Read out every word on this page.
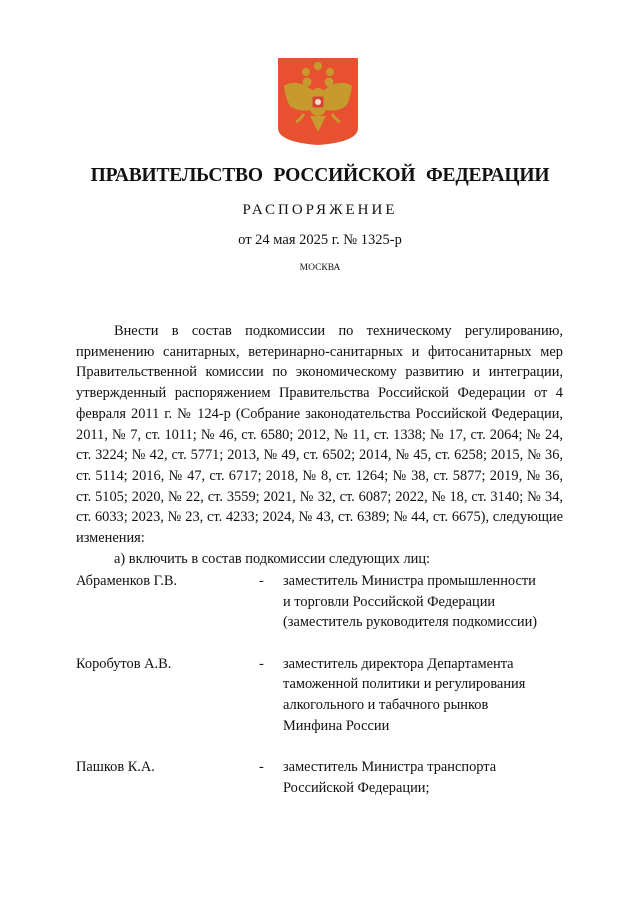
ПРАВИТЕЛЬСТВО РОССИЙСКОЙ ФЕДЕРАЦИИ
РАСПОРЯЖЕНИЕ
от 24 мая 2025 г. № 1325-р
МОСКВА

Внести в состав подкомиссии по техническому регулированию, применению санитарных, ветеринарно-санитарных и фитосанитарных мер Правительственной комиссии по экономическому развитию и интеграции, утвержденный распоряжением Правительства Российской Федерации от 4 февраля 2011 г. № 124-р (Собрание законодательства Российской Федерации, 2011, № 7, ст. 1011; № 46, ст. 6580; 2012, № 11, ст. 1338; № 17, ст. 2064; № 24, ст. 3224; № 42, ст. 5771; 2013, № 49, ст. 6502; 2014, № 45, ст. 6258; 2015, № 36, ст. 5114; 2016, № 47, ст. 6717; 2018, № 8, ст. 1264; № 38, ст. 5877; 2019, № 36, ст. 5105; 2020, № 22, ст. 3559; 2021, № 32, ст. 6087; 2022, № 18, ст. 3140; № 34, ст. 6033; 2023, № 23, ст. 4233; 2024, № 43, ст. 6389; № 44, ст. 6675), следующие изменения:

а) включить в состав подкомиссии следующих лиц:

Абраменков Г.В.	- заместитель Министра промышленности
и торговли Российской Федерации
(заместитель руководителя подкомиссии)
Коробутов А.В.	- заместитель директора Департамента
таможенной политики и регулирования
алкогольного и табачного рынков
Минфина России
Пашков К.А.	- заместитель Министра транспорта
Российской Федерации;
